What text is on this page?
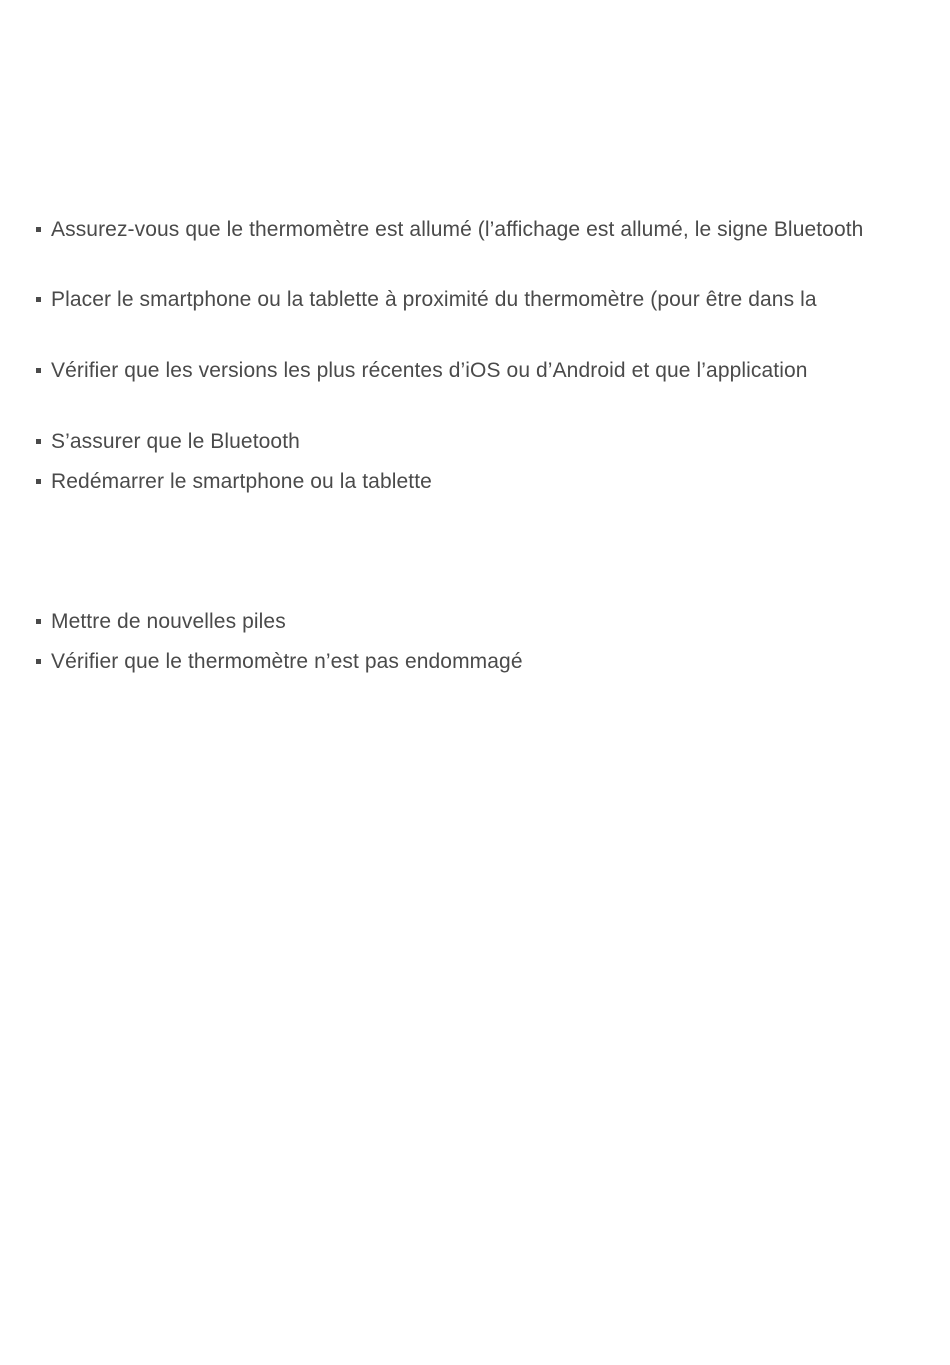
Assurez-vous que le thermomètre est allumé (l’affichage est allumé, le signe Bluetooth
Placer le smartphone ou la tablette à proximité du thermomètre (pour être dans la
Vérifier que les versions les plus récentes d’iOS ou d’Android et que l’application
S’assurer que le Bluetooth
Redémarrer le smartphone ou la tablette
Mettre de nouvelles piles
Vérifier que le thermomètre n’est pas endommagé
